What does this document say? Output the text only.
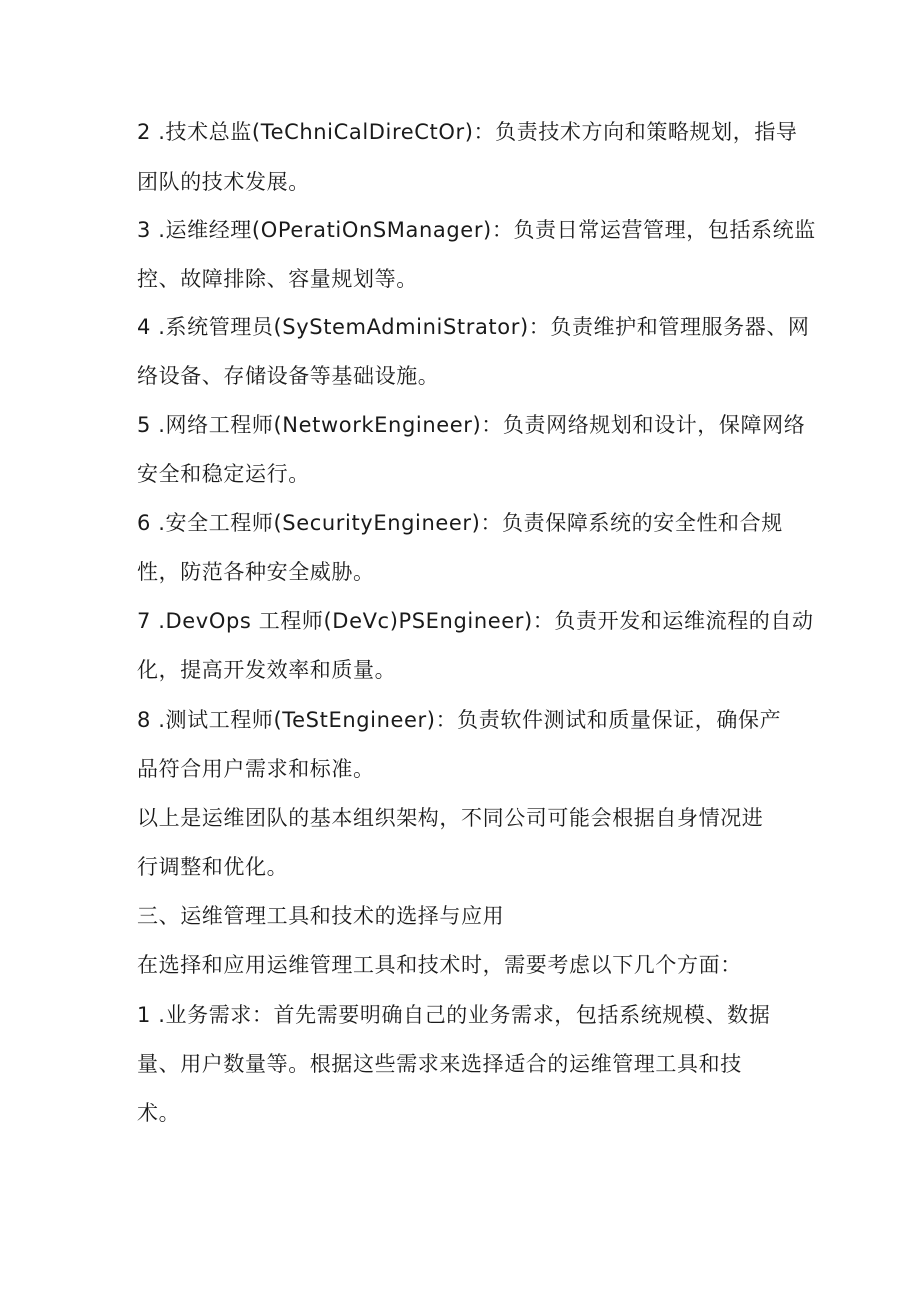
2 .技术总监(TeChniCalDireCtOr)：负责技术方向和策略规划，指导
团队的技术发展。
3 .运维经理(OPeratiOnSManager)：负责日常运营管理，包括系统监
控、故障排除、容量规划等。
4 .系统管理员(SyStemAdminiStrator)：负责维护和管理服务器、网
络设备、存储设备等基础设施。
5 .网络工程师(NetworkEngineer)：负责网络规划和设计，保障网络
安全和稳定运行。
6 .安全工程师(SecurityEngineer)：负责保障系统的安全性和合规
性，防范各种安全威胁。
7 .DevOps 工程师(DeVc)PSEngineer)：负责开发和运维流程的自动
化，提高开发效率和质量。
8 .测试工程师(TeStEngineer)：负责软件测试和质量保证，确保产
品符合用户需求和标准。
以上是运维团队的基本组织架构，不同公司可能会根据自身情况进
行调整和优化。
三、运维管理工具和技术的选择与应用
在选择和应用运维管理工具和技术时，需要考虑以下几个方面：
1 .业务需求：首先需要明确自己的业务需求，包括系统规模、数据
量、用户数量等。根据这些需求来选择适合的运维管理工具和技
术。
